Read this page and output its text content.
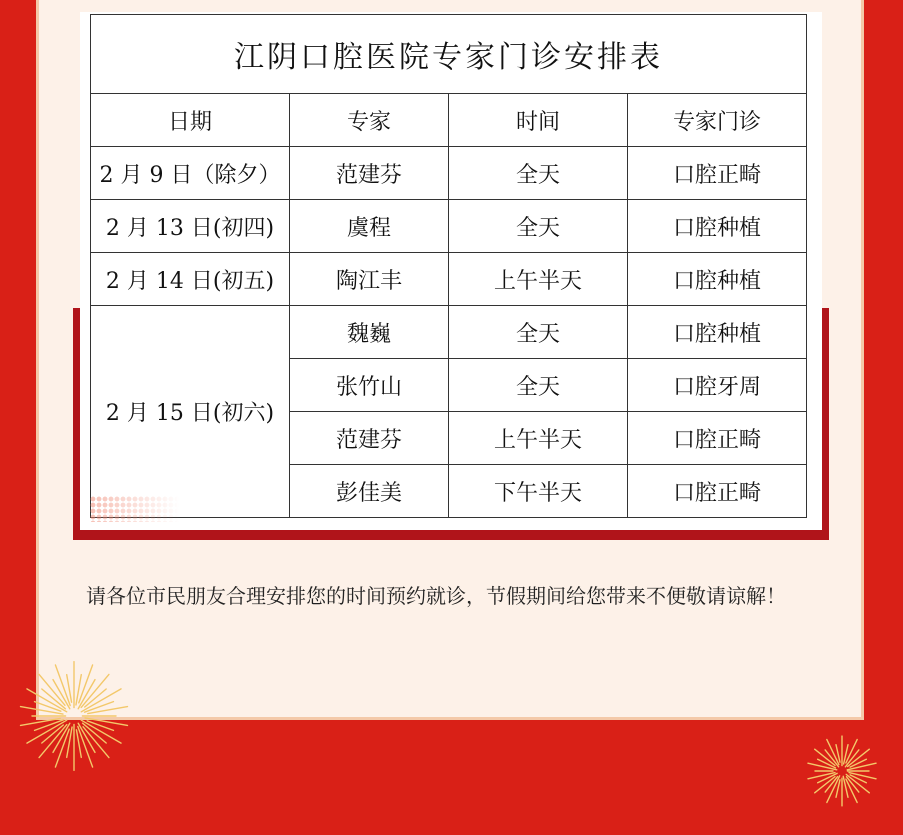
江阴口腔医院专家门诊安排表			
日期	专家	时间	专家门诊
2 月 9 日（除夕）	范建芬	全天	口腔正畸
2 月 13 日(初四)	虞程	全天	口腔种植
2 月 14 日(初五)	陶江丰	上午半天	口腔种植
2 月 15 日(初六)	魏巍	全天	口腔种植
	张竹山	全天	口腔牙周
	范建芬	上午半天	口腔正畸
	彭佳美	下午半天	口腔正畸

请各位市民朋友合理安排您的时间预约就诊，节假期间给您带来不便敬请谅解！
